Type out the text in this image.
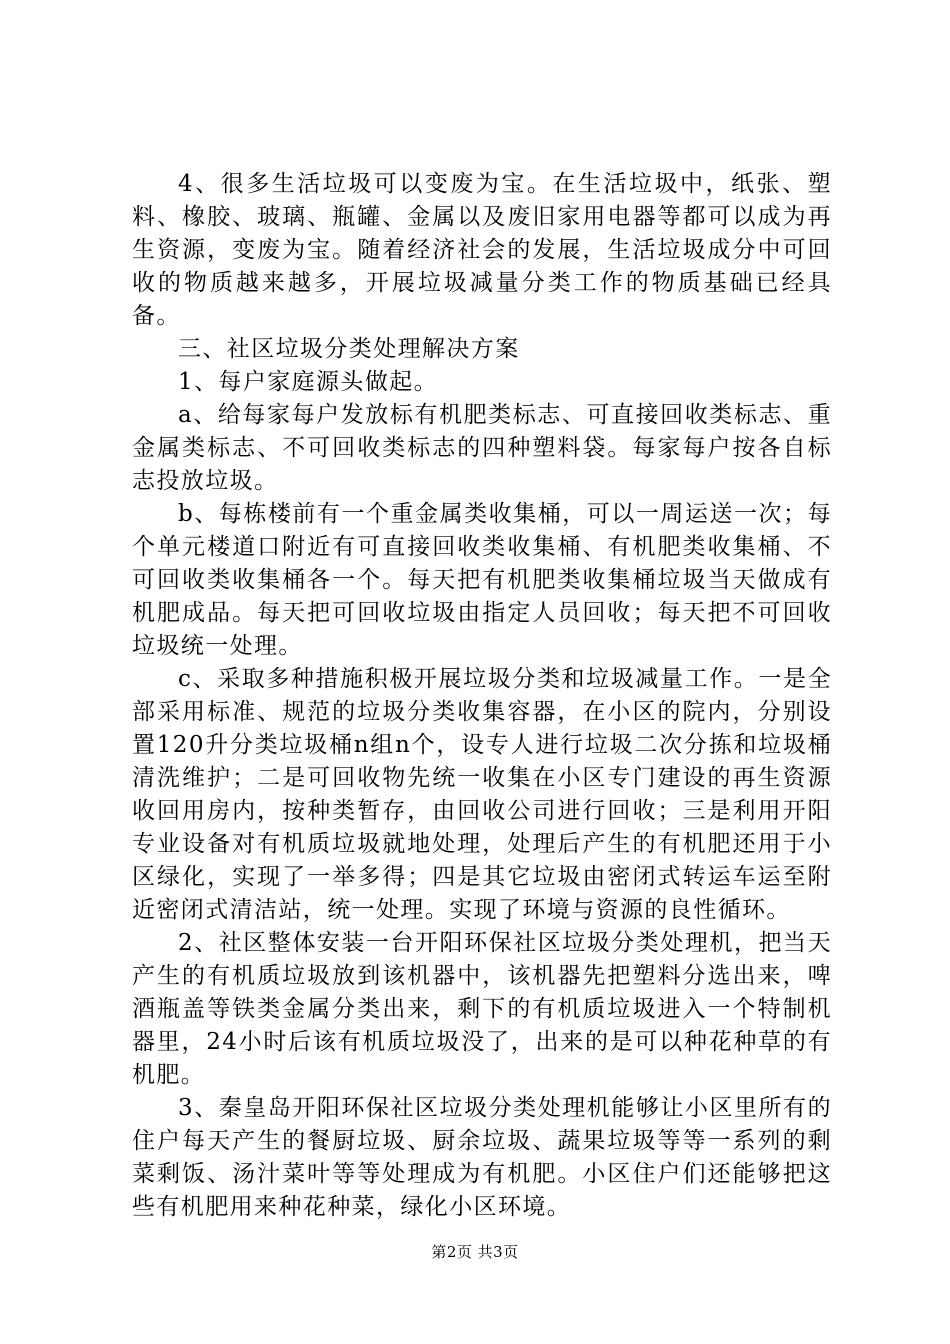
4、很多生活垃圾可以变废为宝。在生活垃圾中，纸张、塑料、橡胶、玻璃、瓶罐、金属以及废旧家用电器等都可以成为再生资源，变废为宝。随着经济社会的发展，生活垃圾成分中可回收的物质越来越多，开展垃圾减量分类工作的物质基础已经具备。

三、社区垃圾分类处理解决方案

1、每户家庭源头做起。

a、给每家每户发放标有机肥类标志、可直接回收类标志、重金属类标志、不可回收类标志的四种塑料袋。每家每户按各自标志投放垃圾。

b、每栋楼前有一个重金属类收集桶，可以一周运送一次；每个单元楼道口附近有可直接回收类收集桶、有机肥类收集桶、不可回收类收集桶各一个。每天把有机肥类收集桶垃圾当天做成有机肥成品。每天把可回收垃圾由指定人员回收；每天把不可回收垃圾统一处理。

c、采取多种措施积极开展垃圾分类和垃圾减量工作。一是全部采用标准、规范的垃圾分类收集容器，在小区的院内，分别设置120升分类垃圾桶n组n个，设专人进行垃圾二次分拣和垃圾桶清洗维护；二是可回收物先统一收集在小区专门建设的再生资源收回用房内，按种类暂存，由回收公司进行回收；三是利用开阳专业设备对有机质垃圾就地处理，处理后产生的有机肥还用于小区绿化，实现了一举多得；四是其它垃圾由密闭式转运车运至附近密闭式清洁站，统一处理。实现了环境与资源的良性循环。

2、社区整体安装一台开阳环保社区垃圾分类处理机，把当天产生的有机质垃圾放到该机器中，该机器先把塑料分选出来，啤酒瓶盖等铁类金属分类出来，剩下的有机质垃圾进入一个特制机器里，24小时后该有机质垃圾没了，出来的是可以种花种草的有机肥。

3、秦皇岛开阳环保社区垃圾分类处理机能够让小区里所有的住户每天产生的餐厨垃圾、厨余垃圾、蔬果垃圾等等一系列的剩菜剩饭、汤汁菜叶等等处理成为有机肥。小区住户们还能够把这些有机肥用来种花种菜，绿化小区环境。

第2页 共3页
